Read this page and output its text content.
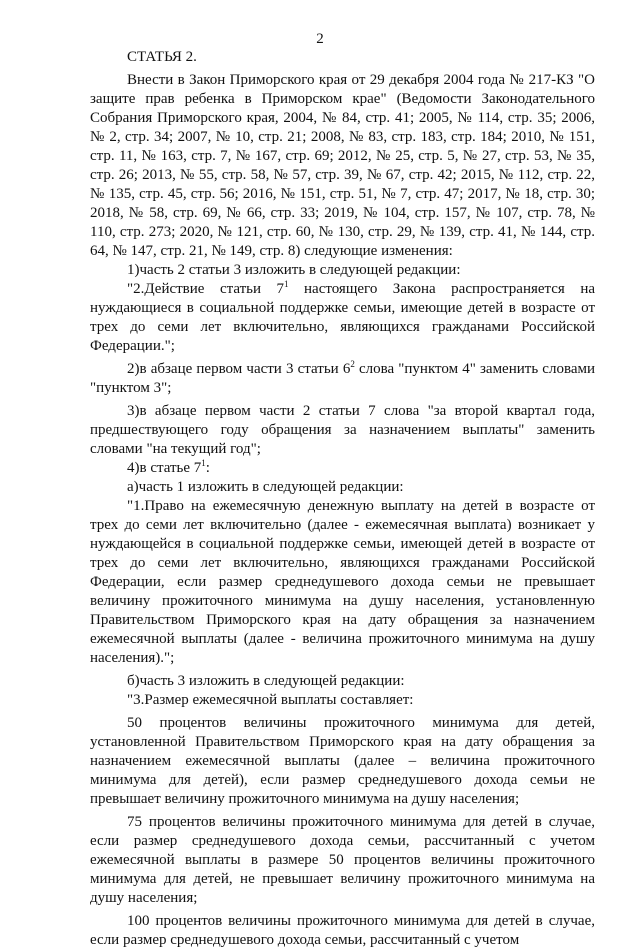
2

СТАТЬЯ 2.

Внести в Закон Приморского края от 29 декабря 2004 года № 217-КЗ "О защите прав ребенка в Приморском крае" (Ведомости Законодательного Собрания Приморского края, 2004, № 84, стр. 41; 2005, № 114, стр. 35; 2006, № 2, стр. 34; 2007, № 10, стр. 21; 2008, № 83, стр. 183, стр. 184; 2010, № 151, стр. 11, № 163, стр. 7, № 167, стр. 69; 2012, № 25, стр. 5, № 27, стр. 53, № 35, стр. 26; 2013, № 55, стр. 58, № 57, стр. 39, № 67, стр. 42; 2015, № 112, стр. 22, № 135, стр. 45, стр. 56; 2016, № 151, стр. 51, № 7, стр. 47; 2017, № 18, стр. 30; 2018, № 58, стр. 69, № 66, стр. 33; 2019, № 104, стр. 157, № 107, стр. 78, № 110, стр. 273; 2020, № 121, стр. 60, № 130, стр. 29, № 139, стр. 41, № 144, стр. 64, № 147, стр. 21, № 149, стр. 8) следующие изменения:

1)часть 2 статьи 3 изложить в следующей редакции:

"2.Действие статьи $7^1$ настоящего Закона распространяется на нуждающиеся в социальной поддержке семьи, имеющие детей в возрасте от трех до семи лет включительно, являющихся гражданами Российской Федерации.";

2)в абзаце первом части 3 статьи $6^2$ слова "пунктом 4" заменить словами "пунктом 3";

3)в абзаце первом части 2 статьи 7 слова "за второй квартал года, предшествующего году обращения за назначением выплаты" заменить словами "на текущий год";

4)в статье $7^1$:

а)часть 1 изложить в следующей редакции:

"1.Право на ежемесячную денежную выплату на детей в возрасте от трех до семи лет включительно (далее - ежемесячная выплата) возникает у нуждающейся в социальной поддержке семьи, имеющей детей в возрасте от трех до семи лет включительно, являющихся гражданами Российской Федерации, если размер среднедушевого дохода семьи не превышает величину прожиточного минимума на душу населения, установленную Правительством Приморского края на дату обращения за назначением ежемесячной выплаты (далее - величина прожиточного минимума на душу населения).";

б)часть 3 изложить в следующей редакции:

"3.Размер ежемесячной выплаты составляет:

50 процентов величины прожиточного минимума для детей, установленной Правительством Приморского края на дату обращения за назначением ежемесячной выплаты (далее – величина прожиточного минимума для детей), если размер среднедушевого дохода семьи не превышает величину прожиточного минимума на душу населения;

75 процентов величины прожиточного минимума для детей в случае, если размер среднедушевого дохода семьи, рассчитанный с учетом ежемесячной выплаты в размере 50 процентов величины прожиточного минимума для детей, не превышает величину прожиточного минимума на душу населения;

100 процентов величины прожиточного минимума для детей в случае, если размер среднедушевого дохода семьи, рассчитанный с учетом
